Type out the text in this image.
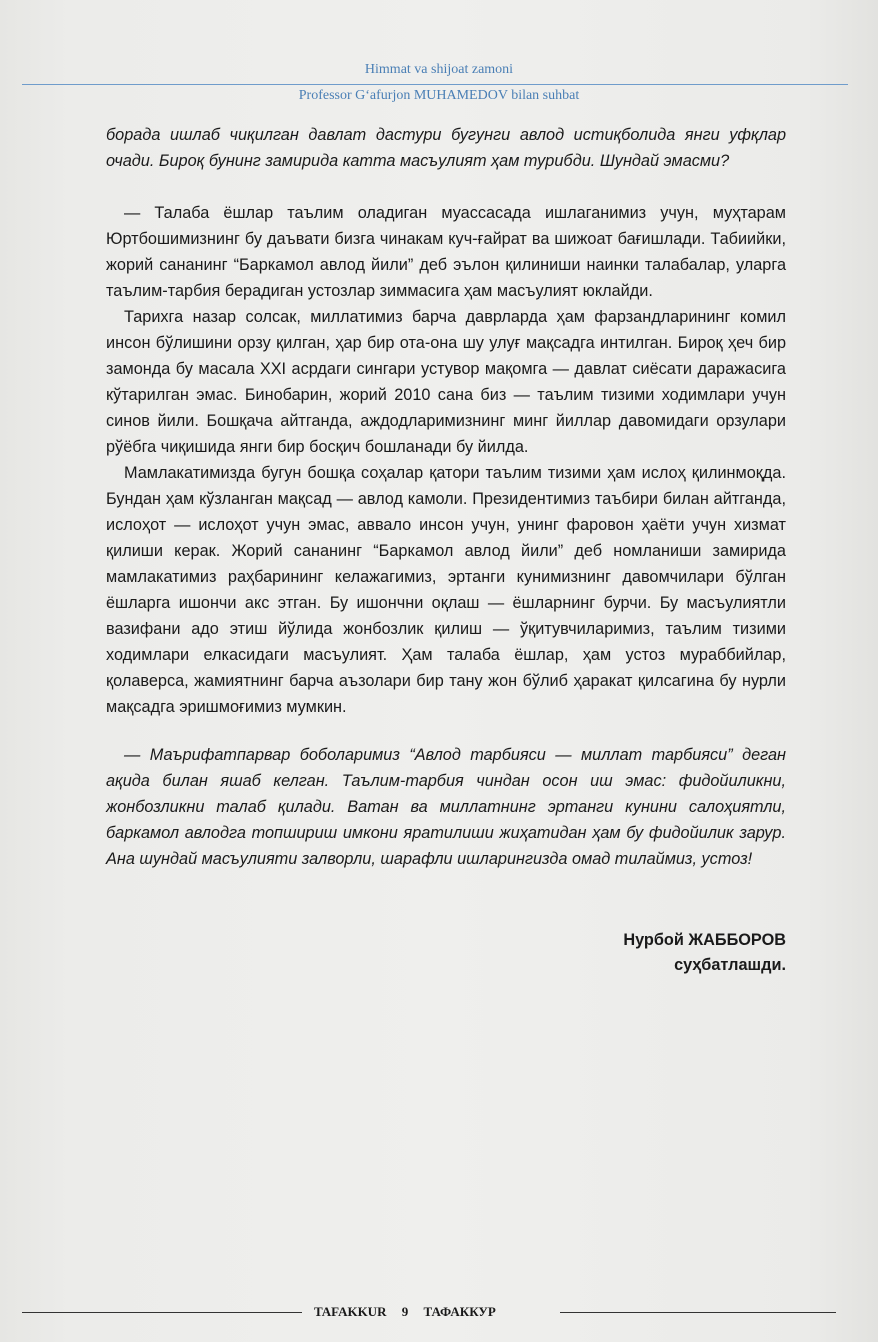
Himmat va shijoat zamoni
Professor G‘afurjon MUHAMEDOV bilan suhbat

борада ишлаб чиқилган давлат дастури бугунги авлод истиқболида янги уфқлар очади. Бироқ бунинг замирида катта масъулият ҳам турибди. Шундай эмасми?

— Талаба ёшлар таълим оладиган муассасада ишлаганимиз учун, муҳтарам Юртбошимизнинг бу даъвати бизга чинакам куч-ғайрат ва шижоат бағишлади. Табиийки, жорий сананинг “Баркамол авлод йили” деб эълон қилиниши наинки талабалар, уларга таълим-тарбия берадиган устозлар зиммасига ҳам масъулият юклайди.

Тарихга назар солсак, миллатимиз барча даврларда ҳам фарзандларининг комил инсон бўлишини орзу қилган, ҳар бир ота-она шу улуғ мақсадга интилган. Бироқ ҳеч бир замонда бу масала XXI асрдаги сингари устувор мақомга — давлат сиёсати даражасига кўтарилган эмас. Бинобарин, жорий 2010 сана биз — таълим тизими ходимлари учун синов йили. Бошқача айтганда, аждодларимизнинг минг йиллар давомидаги орзулари рўёбга чиқишида янги бир босқич бошланади бу йилда.

Мамлакатимизда бугун бошқа соҳалар қатори таълим тизими ҳам ислоҳ қилинмоқда. Бундан ҳам кўзланган мақсад — авлод камоли. Президентимиз таъбири билан айтганда, ислоҳот — ислоҳот учун эмас, аввало инсон учун, унинг фаровон ҳаёти учун хизмат қилиши керак. Жорий сананинг “Баркамол авлод йили” деб номланиши замирида мамлакатимиз раҳбарининг келажагимиз, эртанги кунимизнинг давомчилари бўлган ёшларга ишончи акс этган. Бу ишончни оқлаш — ёшларнинг бурчи. Бу масъулиятли вазифани адо этиш йўлида жонбозлик қилиш — ўқитувчиларимиз, таълим тизими ходимлари елкасидаги масъулият. Ҳам талаба ёшлар, ҳам устоз мураббийлар, қолаверса, жамиятнинг барча аъзолари бир тану жон бўлиб ҳаракат қилсагина бу нурли мақсадга эришмоғимиз мумкин.

— Маърифатпарвар боболаримиз “Авлод тарбияси — миллат тарбияси” деган ақида билан яшаб келган. Таълим-тарбия чиндан осон иш эмас: фидойиликни, жонбозликни талаб қилади. Ватан ва миллатнинг эртанги кунини салоҳиятли, баркамол авлодга топшириш имкони яратилиши жиҳатидан ҳам бу фидойилик зарур. Ана шундай масъулияти залворли, шарафли ишларингизда омад тилаймиз, устоз!

Нурбой ЖАББОРОВ
суҳбатлашди.
TAFAKKUR 9 ТАФАККУР
